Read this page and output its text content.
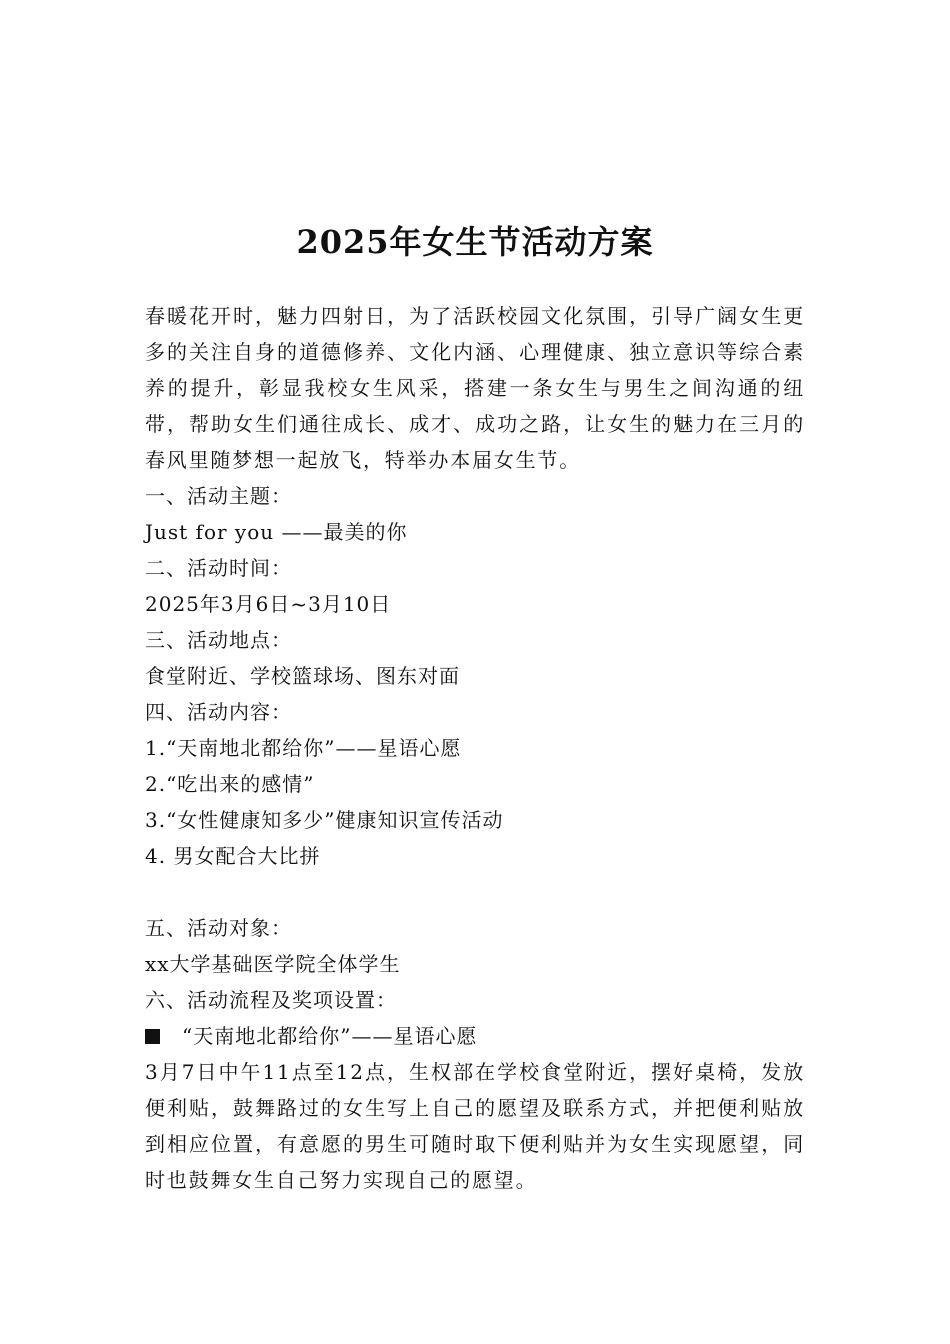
2025年女生节活动方案

春暖花开时，魅力四射日，为了活跃校园文化氛围，引导广阔女生更多的关注自身的道德修养、文化内涵、心理健康、独立意识等综合素养的提升，彰显我校女生风采，搭建一条女生与男生之间沟通的纽带，帮助女生们通往成长、成才、成功之路，让女生的魅力在三月的春风里随梦想一起放飞，特举办本届女生节。

一、活动主题：

Just for you ——最美的你

二、活动时间：

2025年3月6日~3月10日

三、活动地点：

食堂附近、学校篮球场、图东对面

四、活动内容：

1.“天南地北都给你”——星语心愿

2.“吃出来的感情”

3.“女性健康知多少”健康知识宣传活动

4. 男女配合大比拼

五、活动对象：

xx大学基础医学院全体学生

六、活动流程及奖项设置：

“天南地北都给你”——星语心愿

3月7日中午11点至12点，生权部在学校食堂附近，摆好桌椅，发放便利贴，鼓舞路过的女生写上自己的愿望及联系方式，并把便利贴放到相应位置，有意愿的男生可随时取下便利贴并为女生实现愿望，同时也鼓舞女生自己努力实现自己的愿望。
